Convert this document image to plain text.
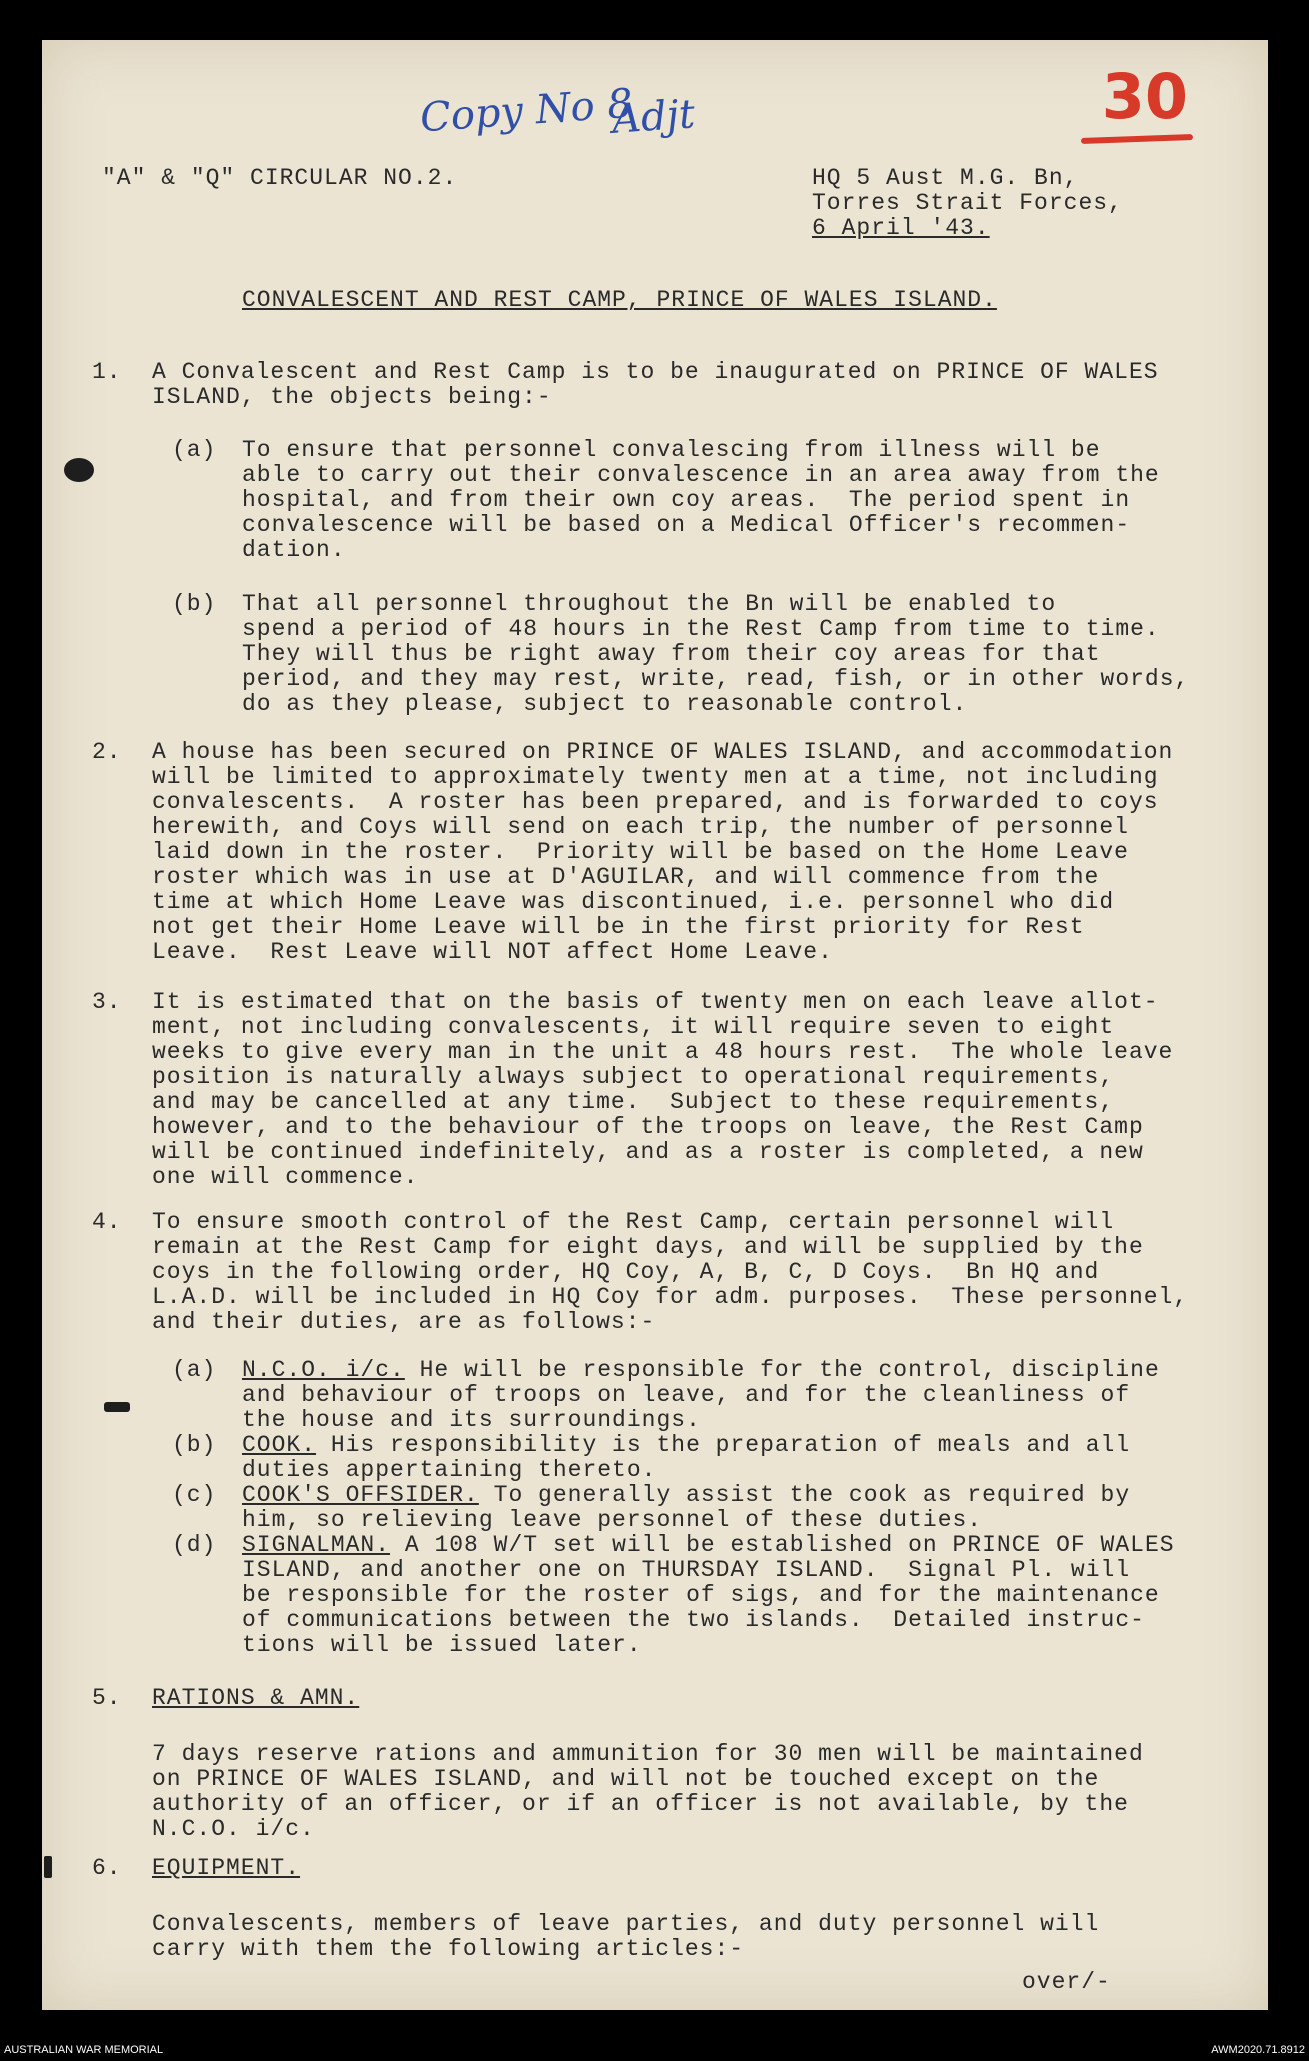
Copy No 8
Adjt	30
"A" & "Q" CIRCULAR NO.2.	HQ 5 Aust M.G. Bn,
Torres Strait Forces,
6 April '43.
CONVALESCENT AND REST CAMP, PRINCE OF WALES ISLAND.
1. A Convalescent and Rest Camp is to be inaugurated on PRINCE OF WALES
ISLAND, the objects being:-
(a) To ensure that personnel convalescing from illness will be
able to carry out their convalescence in an area away from the
hospital, and from their own coy areas.  The period spent in
convalescence will be based on a Medical Officer's recommen-
dation.
(b) That all personnel throughout the Bn will be enabled to
spend a period of 48 hours in the Rest Camp from time to time.
They will thus be right away from their coy areas for that
period, and they may rest, write, read, fish, or in other words,
do as they please, subject to reasonable control.
2. A house has been secured on PRINCE OF WALES ISLAND, and accommodation
will be limited to approximately twenty men at a time, not including
convalescents.  A roster has been prepared, and is forwarded to coys
herewith, and Coys will send on each trip, the number of personnel
laid down in the roster.  Priority will be based on the Home Leave
roster which was in use at D'AGUILAR, and will commence from the
time at which Home Leave was discontinued, i.e. personnel who did
not get their Home Leave will be in the first priority for Rest
Leave.  Rest Leave will NOT affect Home Leave.
3. It is estimated that on the basis of twenty men on each leave allot-
ment, not including convalescents, it will require seven to eight
weeks to give every man in the unit a 48 hours rest.  The whole leave
position is naturally always subject to operational requirements,
and may be cancelled at any time.  Subject to these requirements,
however, and to the behaviour of the troops on leave, the Rest Camp
will be continued indefinitely, and as a roster is completed, a new
one will commence.
4. To ensure smooth control of the Rest Camp, certain personnel will
remain at the Rest Camp for eight days, and will be supplied by the
coys in the following order, HQ Coy, A, B, C, D Coys.  Bn HQ and
L.A.D. will be included in HQ Coy for adm. purposes.  These personnel,
and their duties, are as follows:-
(a) N.C.O. i/c. He will be responsible for the control, discipline
and behaviour of troops on leave, and for the cleanliness of
the house and its surroundings.
(b) COOK. His responsibility is the preparation of meals and all
duties appertaining thereto.
(c) COOK'S OFFSIDER. To generally assist the cook as required by
him, so relieving leave personnel of these duties.
(d) SIGNALMAN. A 108 W/T set will be established on PRINCE OF WALES
ISLAND, and another one on THURSDAY ISLAND.  Signal Pl. will
be responsible for the roster of sigs, and for the maintenance
of communications between the two islands.  Detailed instruc-
tions will be issued later.
5. RATIONS & AMN.
7 days reserve rations and ammunition for 30 men will be maintained
on PRINCE OF WALES ISLAND, and will not be touched except on the
authority of an officer, or if an officer is not available, by the
N.C.O. i/c.
6. EQUIPMENT.
Convalescents, members of leave parties, and duty personnel will
carry with them the following articles:-
over/-
AUSTRALIAN WAR MEMORIAL	AWM2020.71.8912
